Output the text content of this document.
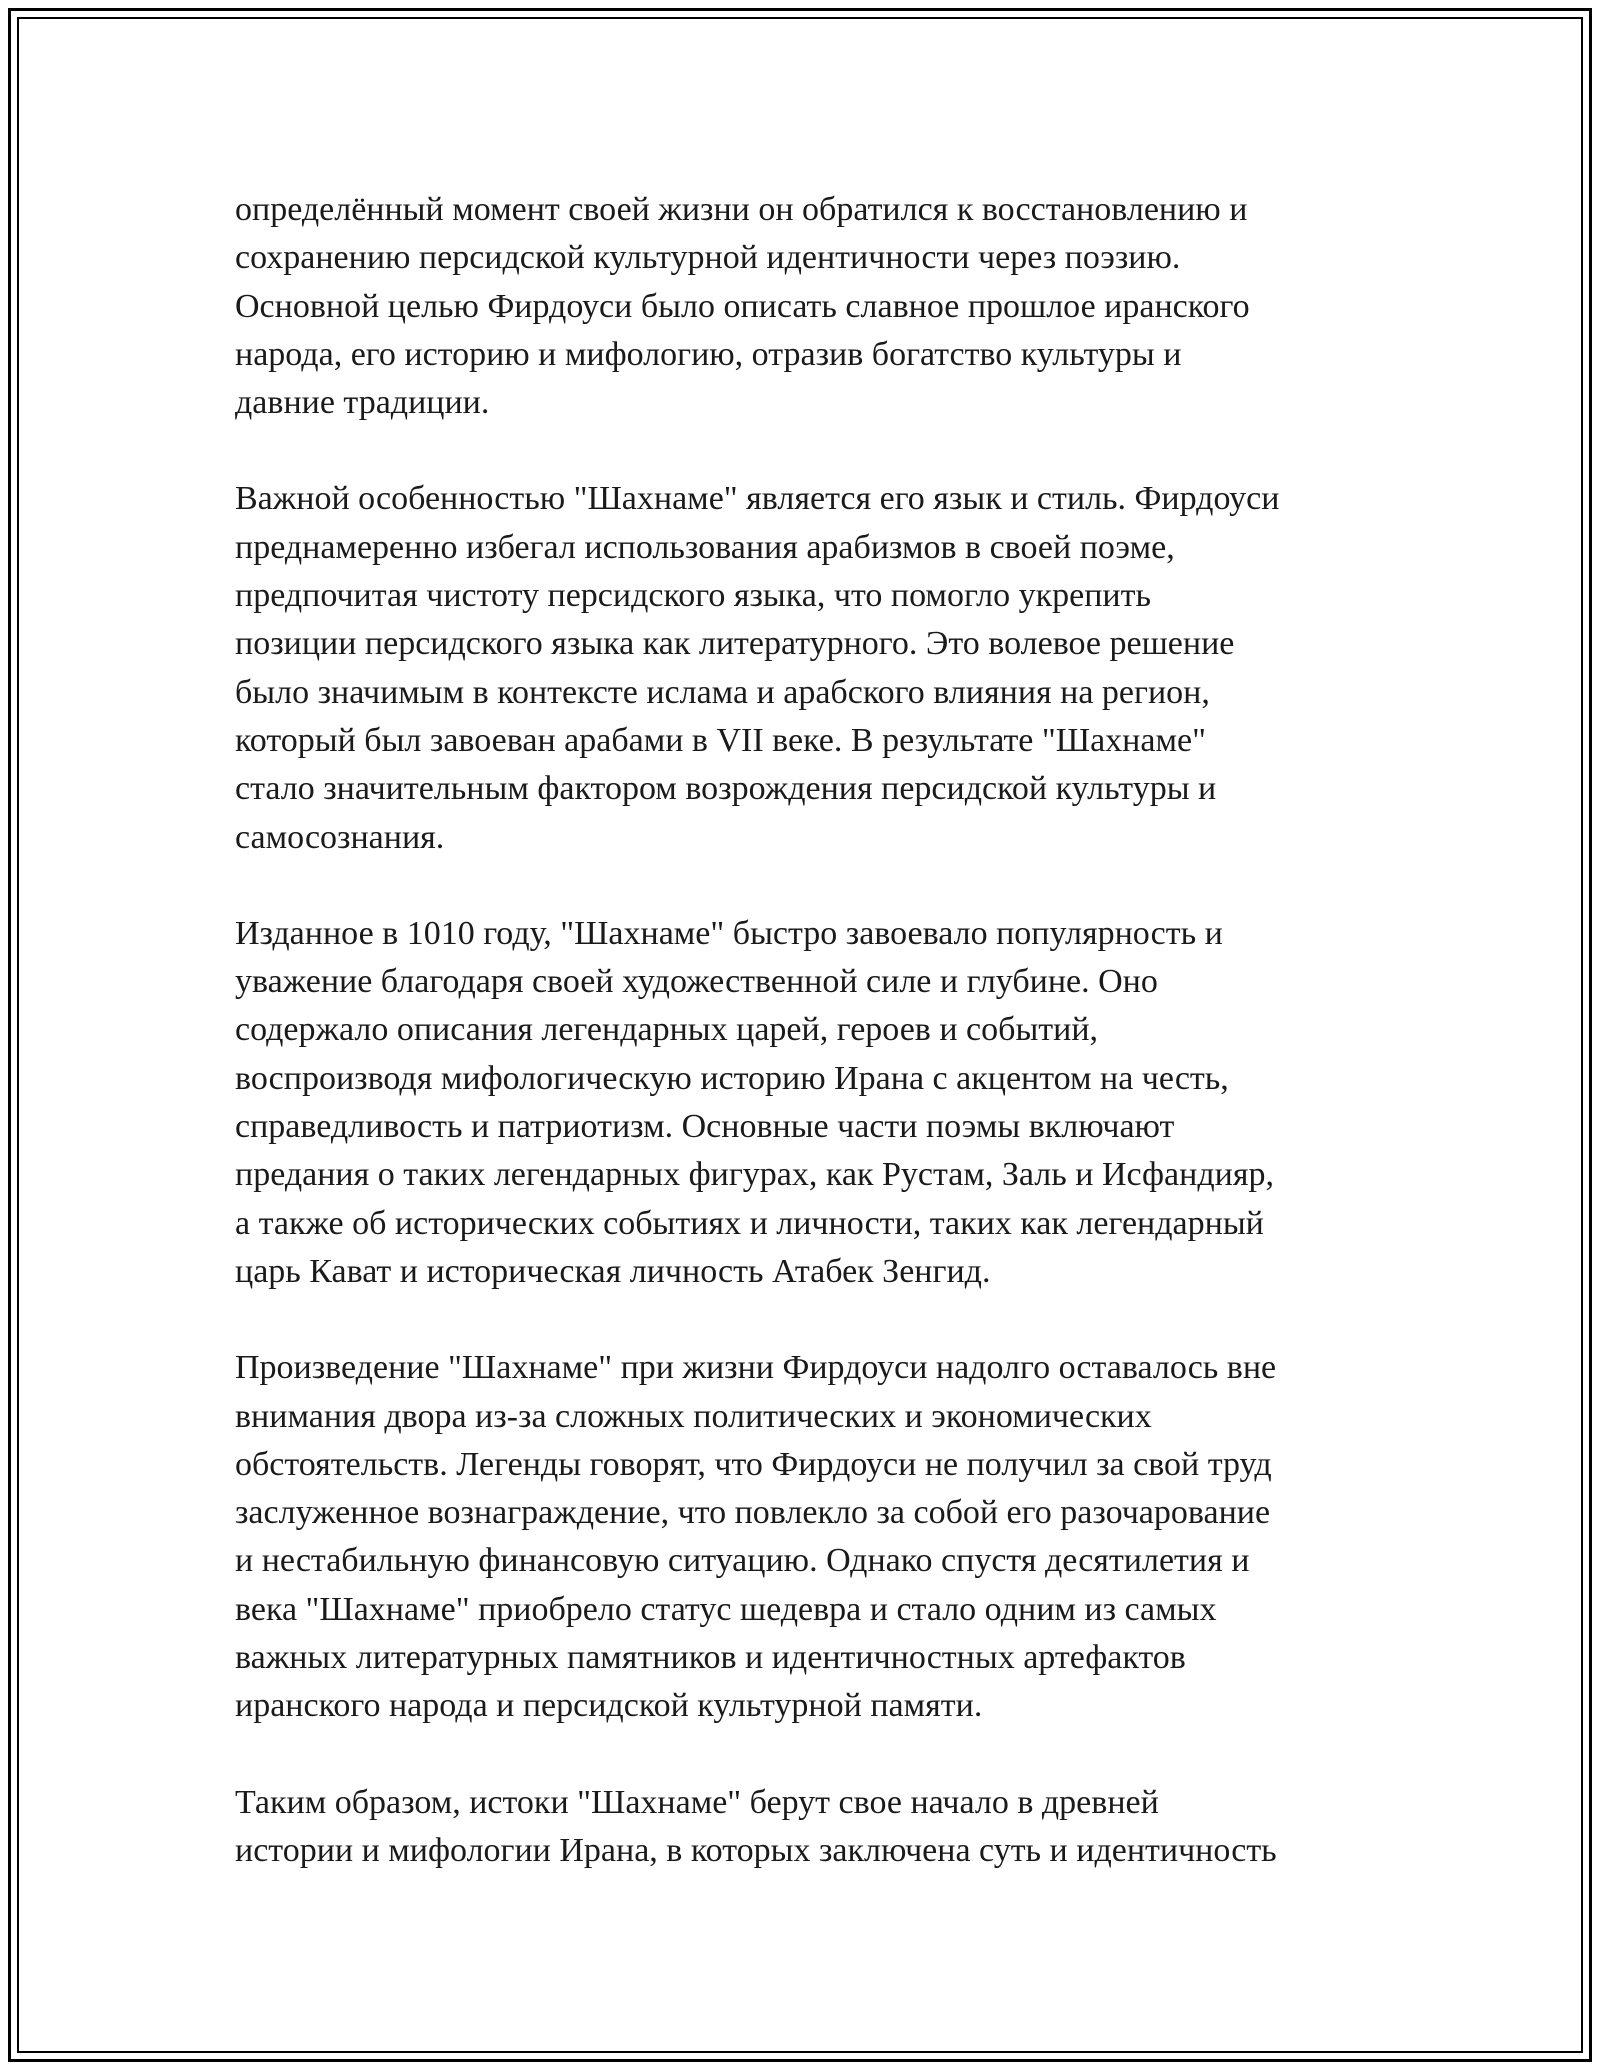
определённый момент своей жизни он обратился к восстановлению и
сохранению персидской культурной идентичности через поэзию.
Основной целью Фирдоуси было описать славное прошлое иранского
народа, его историю и мифологию, отразив богатство культуры и
давние традиции.

Важной особенностью "Шахнаме" является его язык и стиль. Фирдоуси
преднамеренно избегал использования арабизмов в своей поэме,
предпочитая чистоту персидского языка, что помогло укрепить
позиции персидского языка как литературного. Это волевое решение
было значимым в контексте ислама и арабского влияния на регион,
который был завоеван арабами в VII веке. В результате "Шахнаме"
стало значительным фактором возрождения персидской культуры и
самосознания.

Изданное в 1010 году, "Шахнаме" быстро завоевало популярность и
уважение благодаря своей художественной силе и глубине. Оно
содержало описания легендарных царей, героев и событий,
воспроизводя мифологическую историю Ирана с акцентом на честь,
справедливость и патриотизм. Основные части поэмы включают
предания о таких легендарных фигурах, как Рустам, Заль и Исфандияр,
а также об исторических событиях и личности, таких как легендарный
царь Кават и историческая личность Атабек Зенгид.

Произведение "Шахнаме" при жизни Фирдоуси надолго оставалось вне
внимания двора из-за сложных политических и экономических
обстоятельств. Легенды говорят, что Фирдоуси не получил за свой труд
заслуженное вознаграждение, что повлекло за собой его разочарование
и нестабильную финансовую ситуацию. Однако спустя десятилетия и
века "Шахнаме" приобрело статус шедевра и стало одним из самых
важных литературных памятников и идентичностных артефактов
иранского народа и персидской культурной памяти.

Таким образом, истоки "Шахнаме" берут свое начало в древней
истории и мифологии Ирана, в которых заключена суть и идентичность
